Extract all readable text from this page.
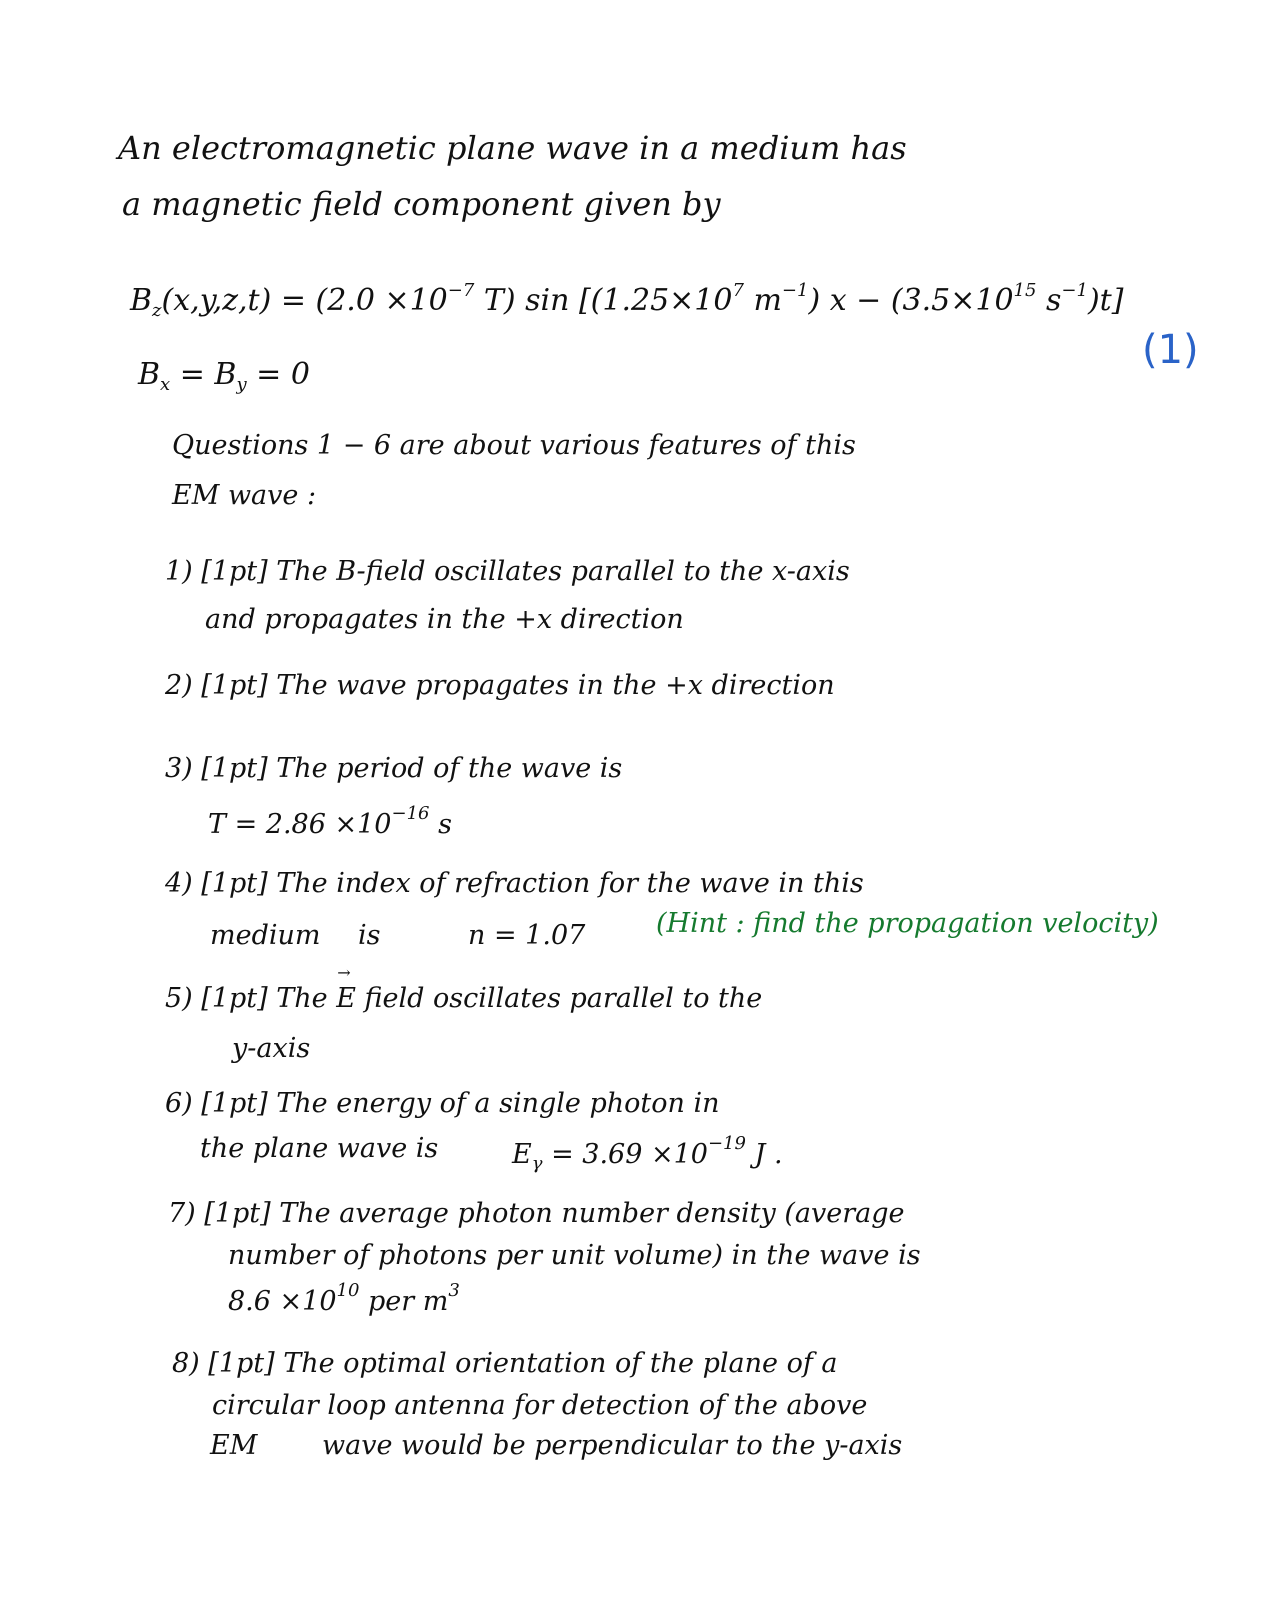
An electromagnetic plane wave in a medium has
a magnetic field component given by
$B_z(x,y,z,t) = (2.0 \times 10^{-7}$ T) $\sin [(1.25\times 10^7$ $m^{-1}$) $x - (3.5\times 10^{15}$ $s^{-1})t$]
(1)
$B_x = B_y = 0$
Questions 1 − 6 are about various features of this
EM wave :
1) [1pt] The B-field oscillates parallel to the x-axis
and propagates in the +x direction
2) [1pt] The wave propagates in the +x direction
3) [1pt] The period of the wave is
$T = 2.86 \times 10^{-16}$ s
4) [1pt] The index of refraction for the wave in this
medium is	n = 1.07	(Hint : find the propagation velocity)
5) [1pt] The → E field oscillates parallel to the
y-axis
6) [1pt] The energy of a single photon in
the plane wave is	$E_\gamma = 3.69 \times 10^{-19}$ J .
7) [1pt] The average photon number density (average
number of photons per unit volume) in the wave is
$8.6 \times 10^{10}$ per $m^3$
8) [1pt] The optimal orientation of the plane of a
circular loop antenna for detection of the above
EM wave would be perpendicular to the y-axis
